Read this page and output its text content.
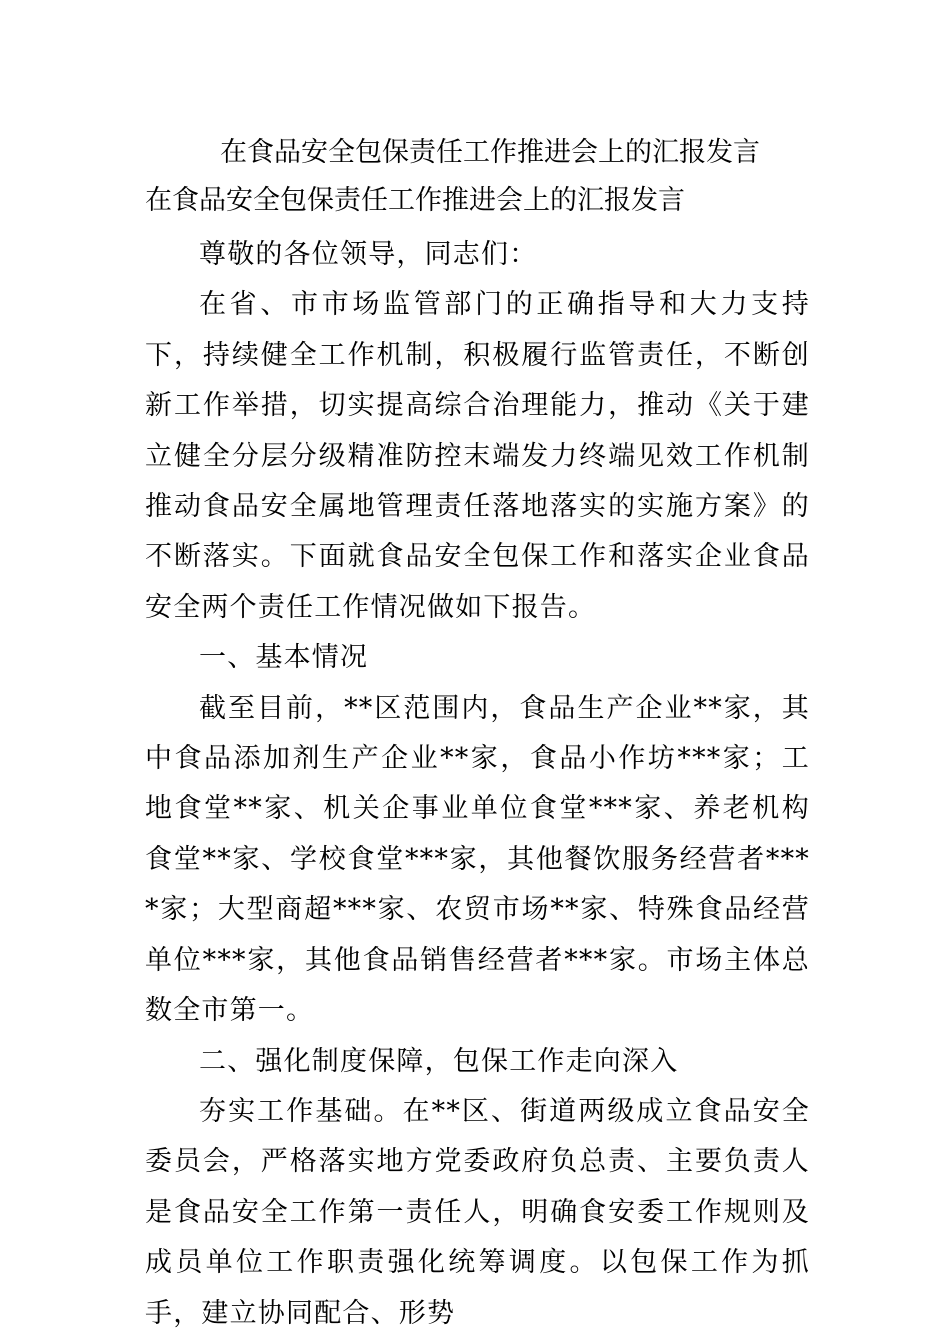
在食品安全包保责任工作推进会上的汇报发言
在食品安全包保责任工作推进会上的汇报发言

尊敬的各位领导，同志们：

在省、市市场监管部门的正确指导和大力支持下，持续健全工作机制，积极履行监管责任，不断创新工作举措，切实提高综合治理能力，推动《关于建立健全分层分级精准防控末端发力终端见效工作机制推动食品安全属地管理责任落地落实的实施方案》的不断落实。下面就食品安全包保工作和落实企业食品安全两个责任工作情况做如下报告。

一、基本情况

截至目前，**区范围内，食品生产企业**家，其中食品添加剂生产企业**家，食品小作坊***家；工地食堂**家、机关企事业单位食堂***家、养老机构食堂**家、学校食堂***家，其他餐饮服务经营者****家；大型商超***家、农贸市场**家、特殊食品经营单位***家，其他食品销售经营者***家。市场主体总数全市第一。

二、强化制度保障，包保工作走向深入

夯实工作基础。在**区、街道两级成立食品安全委员会，严格落实地方党委政府负总责、主要负责人是食品安全工作第一责任人，明确食安委工作规则及成员单位工作职责强化统筹调度。以包保工作为抓手，建立协同配合、形势
